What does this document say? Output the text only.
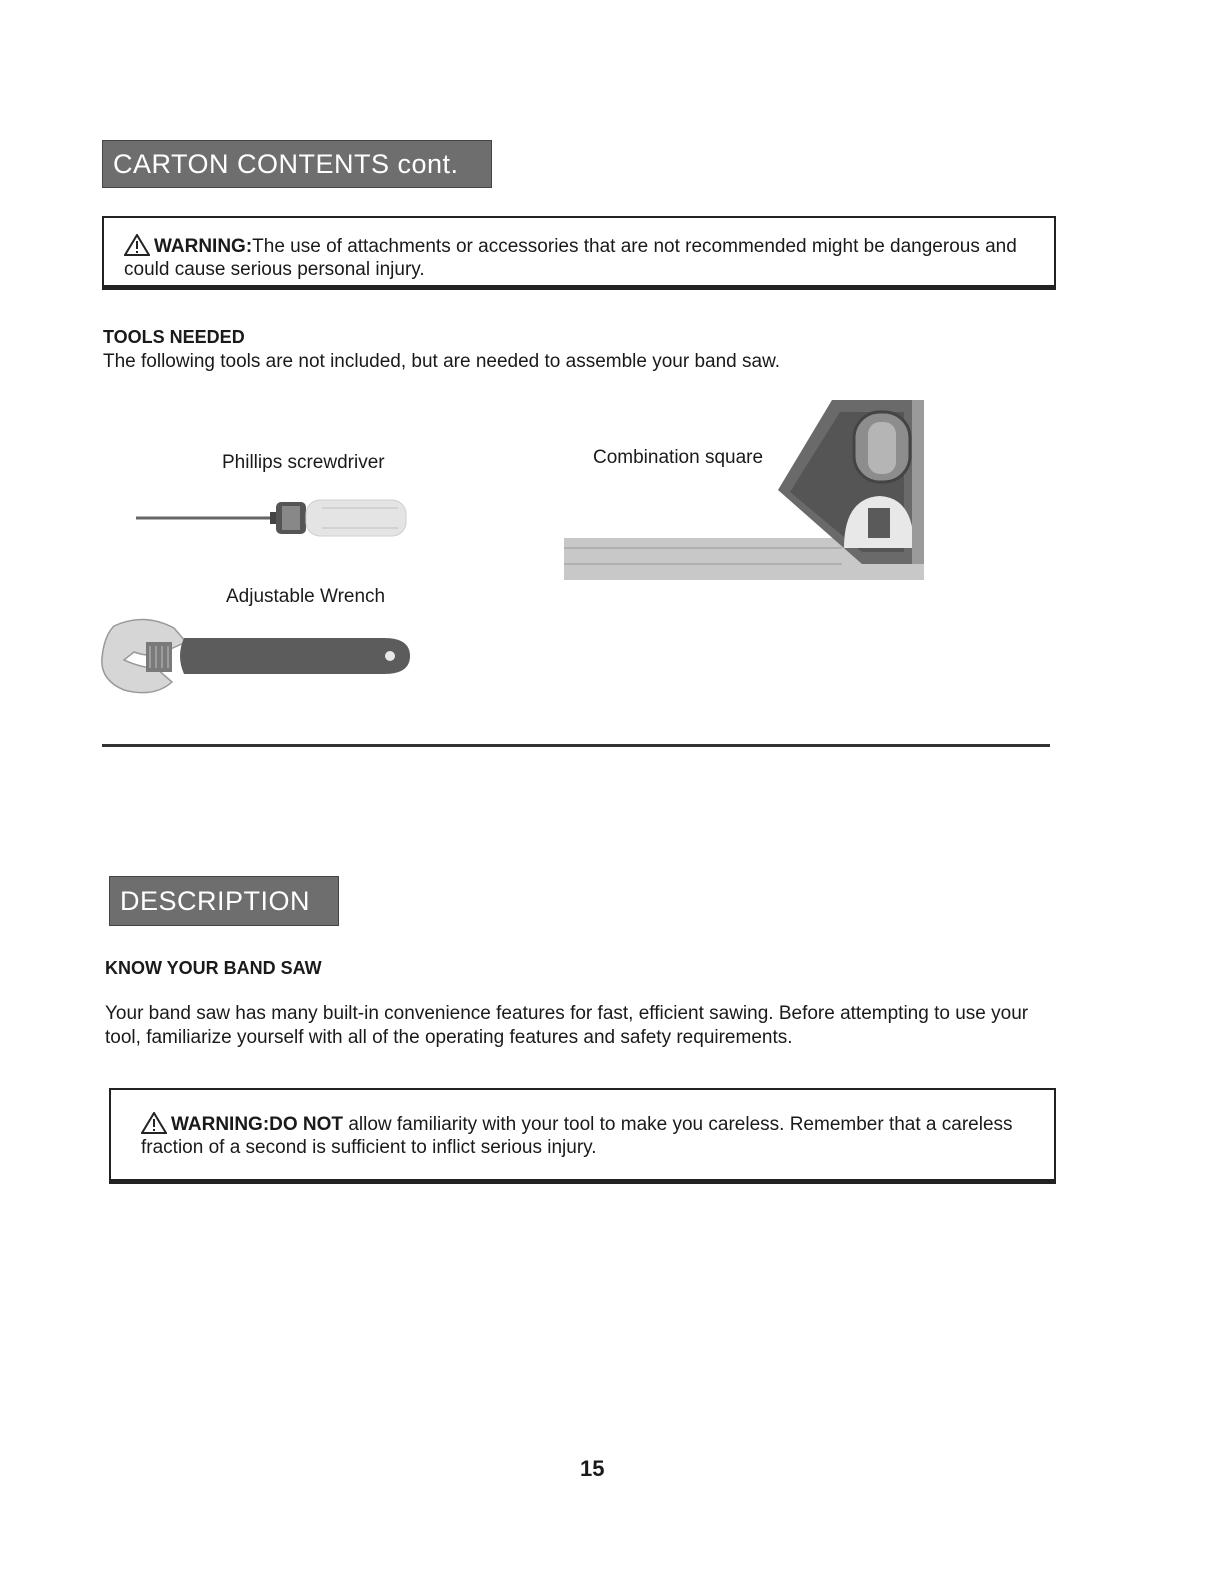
CARTON CONTENTS cont.
WARNING:The use of attachments or accessories that are not recommended might be dangerous and could cause serious personal injury.
TOOLS NEEDED
The following tools are not included, but are needed to assemble your band saw.
Phillips screwdriver	Combination square
Adjustable Wrench
DESCRIPTION
KNOW YOUR BAND SAW
Your band saw has many built-in convenience features for fast, efficient sawing. Before attempting to use your tool, familiarize yourself with all of the operating features and safety requirements.
WARNING:DO NOT allow familiarity with your tool to make you careless. Remember that a careless fraction of a second is sufficient to inflict serious injury.
15
